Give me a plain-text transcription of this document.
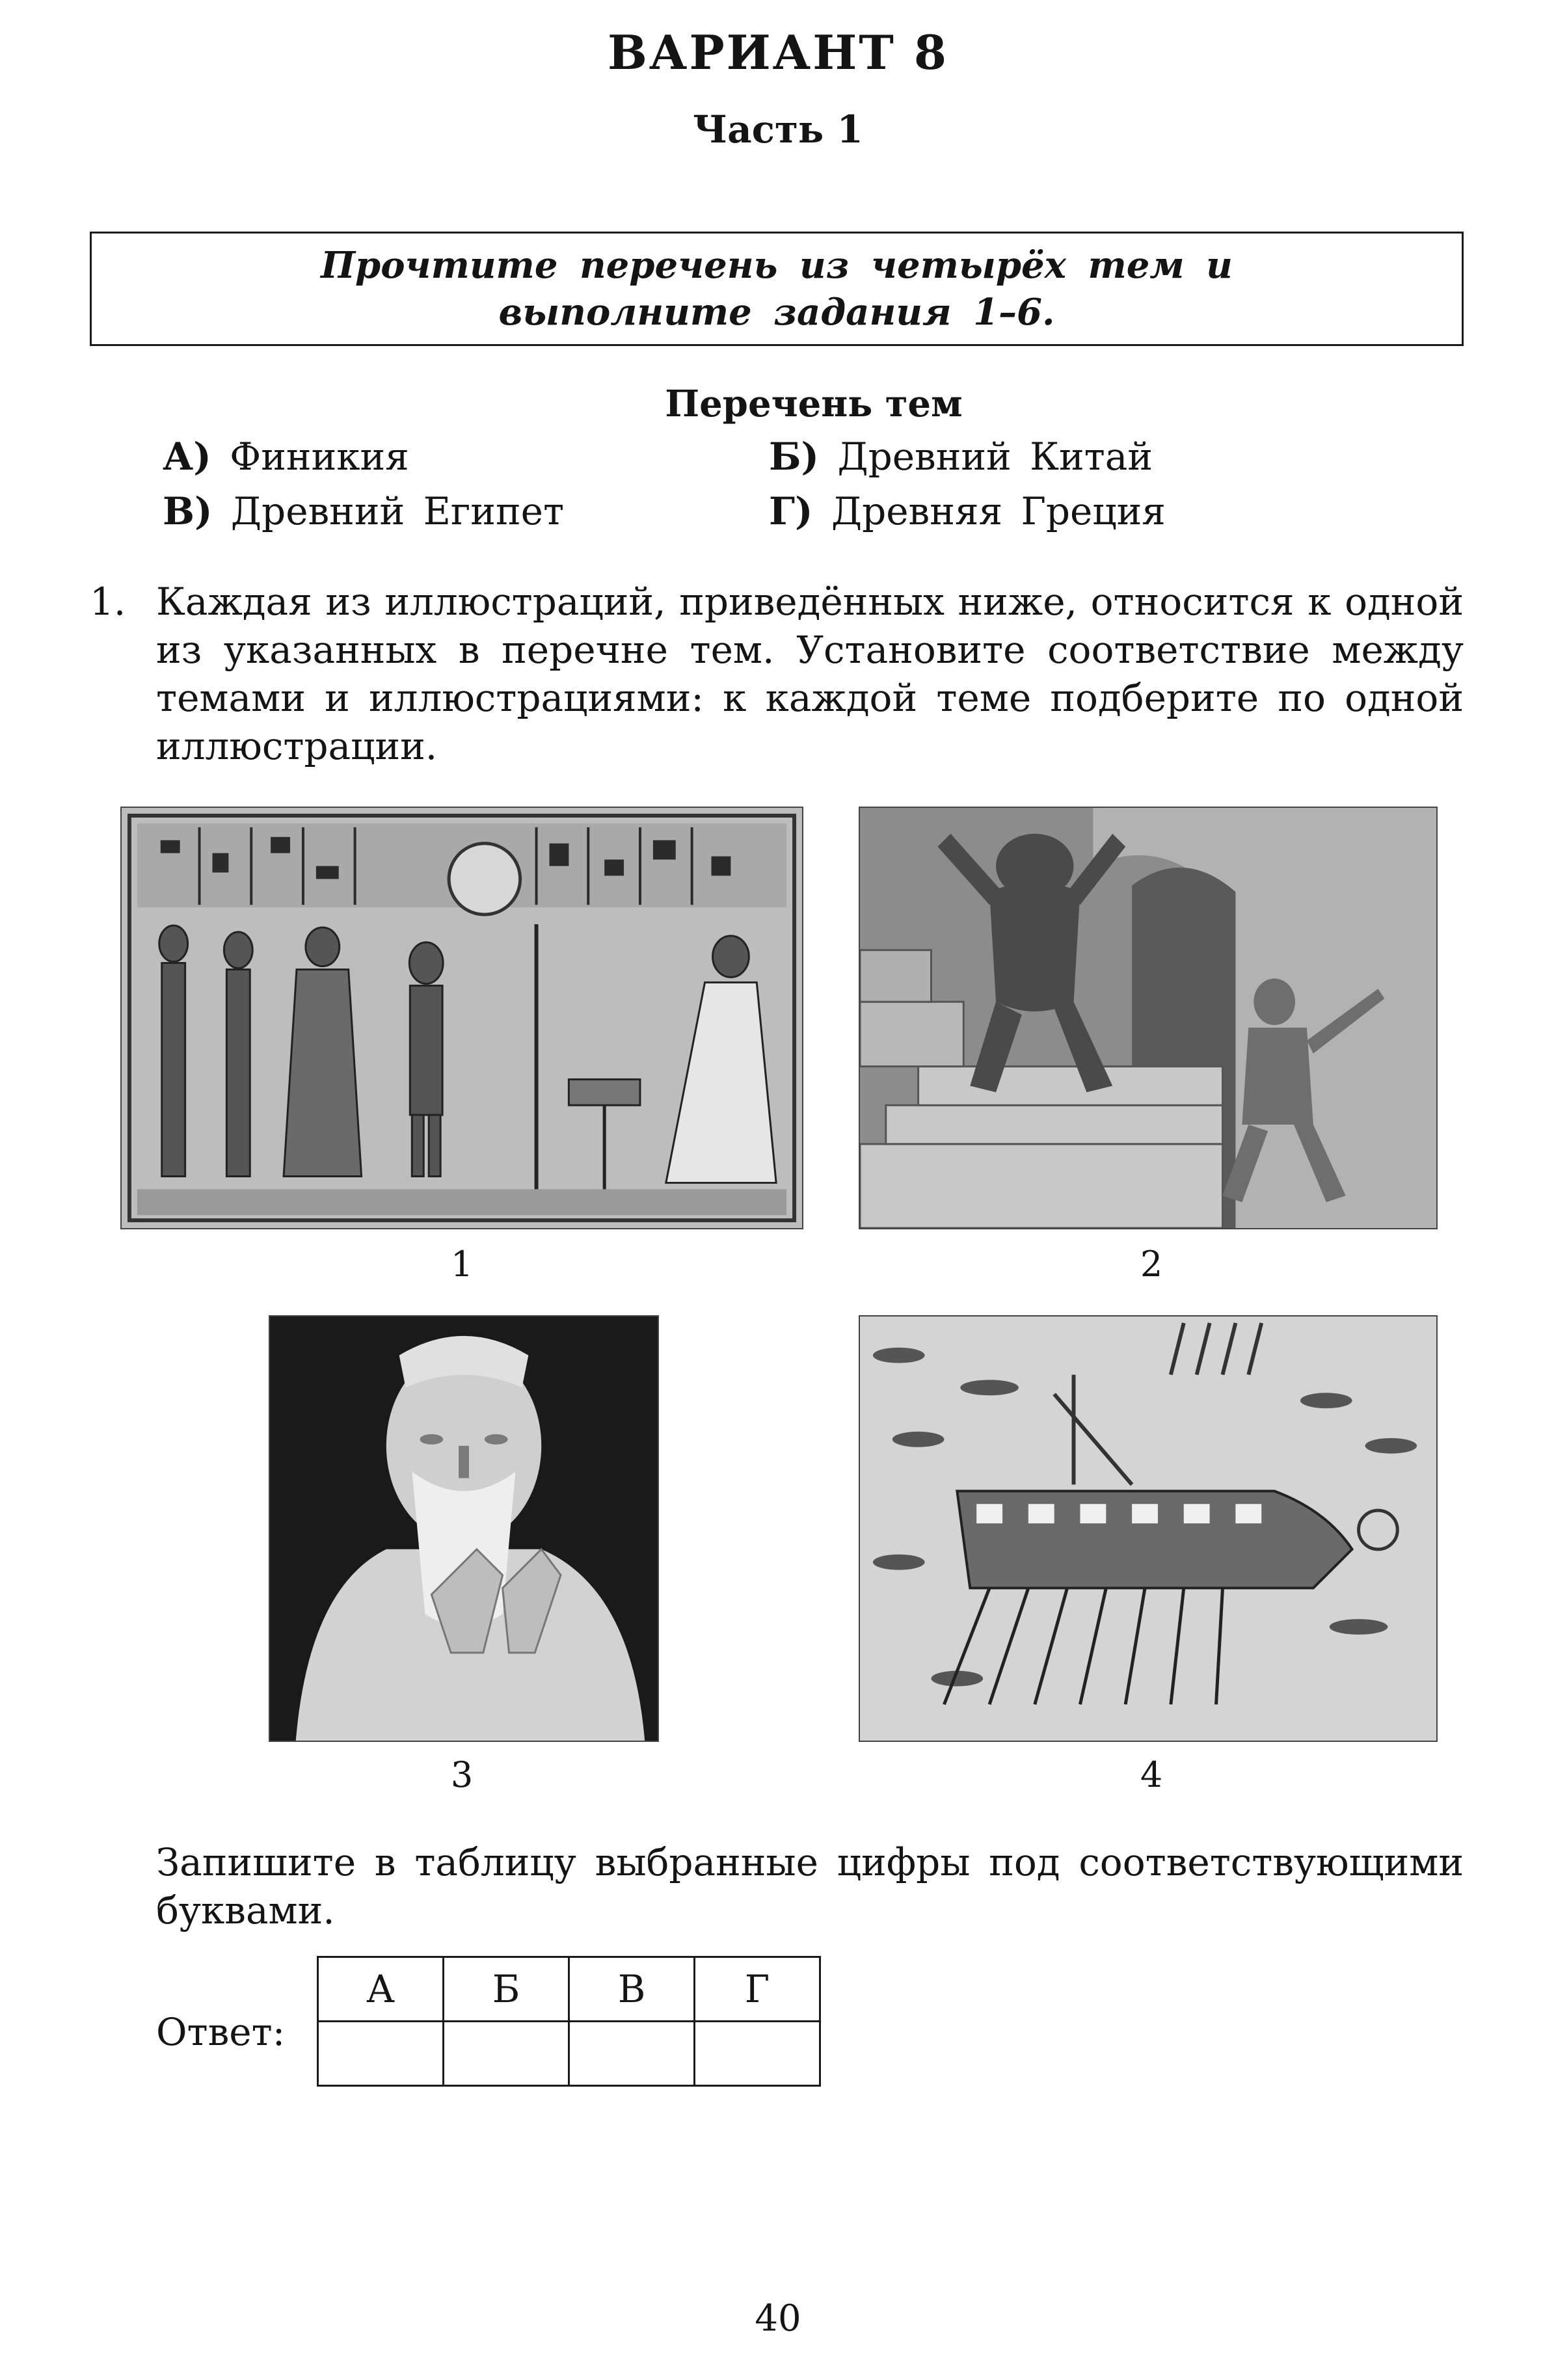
ВАРИАНТ 8
Часть 1
Прочтите перечень из четырёх тем и выполните задания 1–6.
Перечень тем
А) Финикия	Б) Древний Китай
В) Древний Египет	Г) Древняя Греция
1. Каждая из иллюстраций, приведённых ниже, относится к одной из указанных в перечне тем. Установите соответствие между темами и иллюстрациями: к каждой теме подберите по одной иллюстрации.
1	2
3	4
Запишите в таблицу выбранные цифры под соответствующими буквами.
Ответ:
А	Б	В	Г

40
